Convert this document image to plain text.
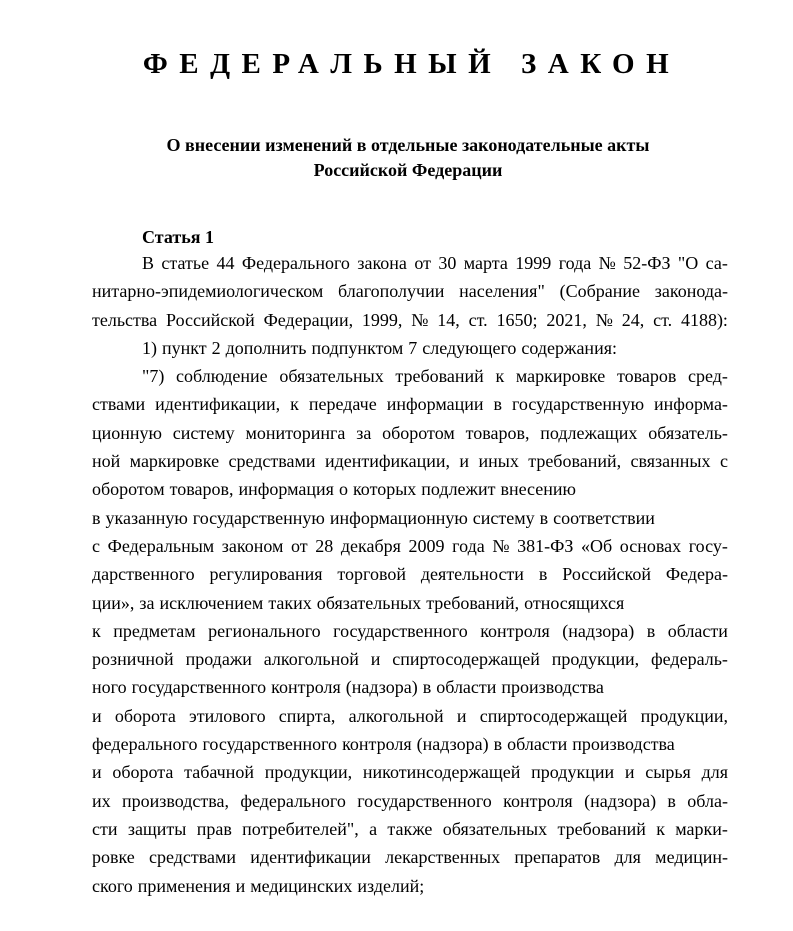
ФЕДЕРАЛЬНЫЙ ЗАКОН
О внесении изменений в отдельные законодательные акты
Российской Федерации
Статья 1
В статье 44 Федерального закона от 30 марта 1999 года № 52-ФЗ "О са-
нитарно-эпидемиологическом благополучии населения" (Собрание законода-
тельства Российской Федерации, 1999, № 14, ст. 1650; 2021, № 24, ст. 4188):
1) пункт 2 дополнить подпунктом 7 следующего содержания:
"7) соблюдение обязательных требований к маркировке товаров сред-
ствами идентификации, к передаче информации в государственную информа-
ционную систему мониторинга за оборотом товаров, подлежащих обязатель-
ной маркировке средствами идентификации, и иных требований, связанных с
оборотом товаров, информация о которых подлежит внесению
в указанную государственную информационную систему в соответствии
с Федеральным законом от 28 декабря 2009 года № 381-ФЗ «Об основах госу-
дарственного регулирования торговой деятельности в Российской Федера-
ции», за исключением таких обязательных требований, относящихся
к предметам регионального государственного контроля (надзора) в области
розничной продажи алкогольной и спиртосодержащей продукции, федераль-
ного государственного контроля (надзора) в области производства
и оборота этилового спирта, алкогольной и спиртосодержащей продукции,
федерального государственного контроля (надзора) в области производства
и оборота табачной продукции, никотинсодержащей продукции и сырья для
их производства, федерального государственного контроля (надзора) в обла-
сти защиты прав потребителей", а также обязательных требований к марки-
ровке средствами идентификации лекарственных препаратов для медицин-
ского применения и медицинских изделий;
